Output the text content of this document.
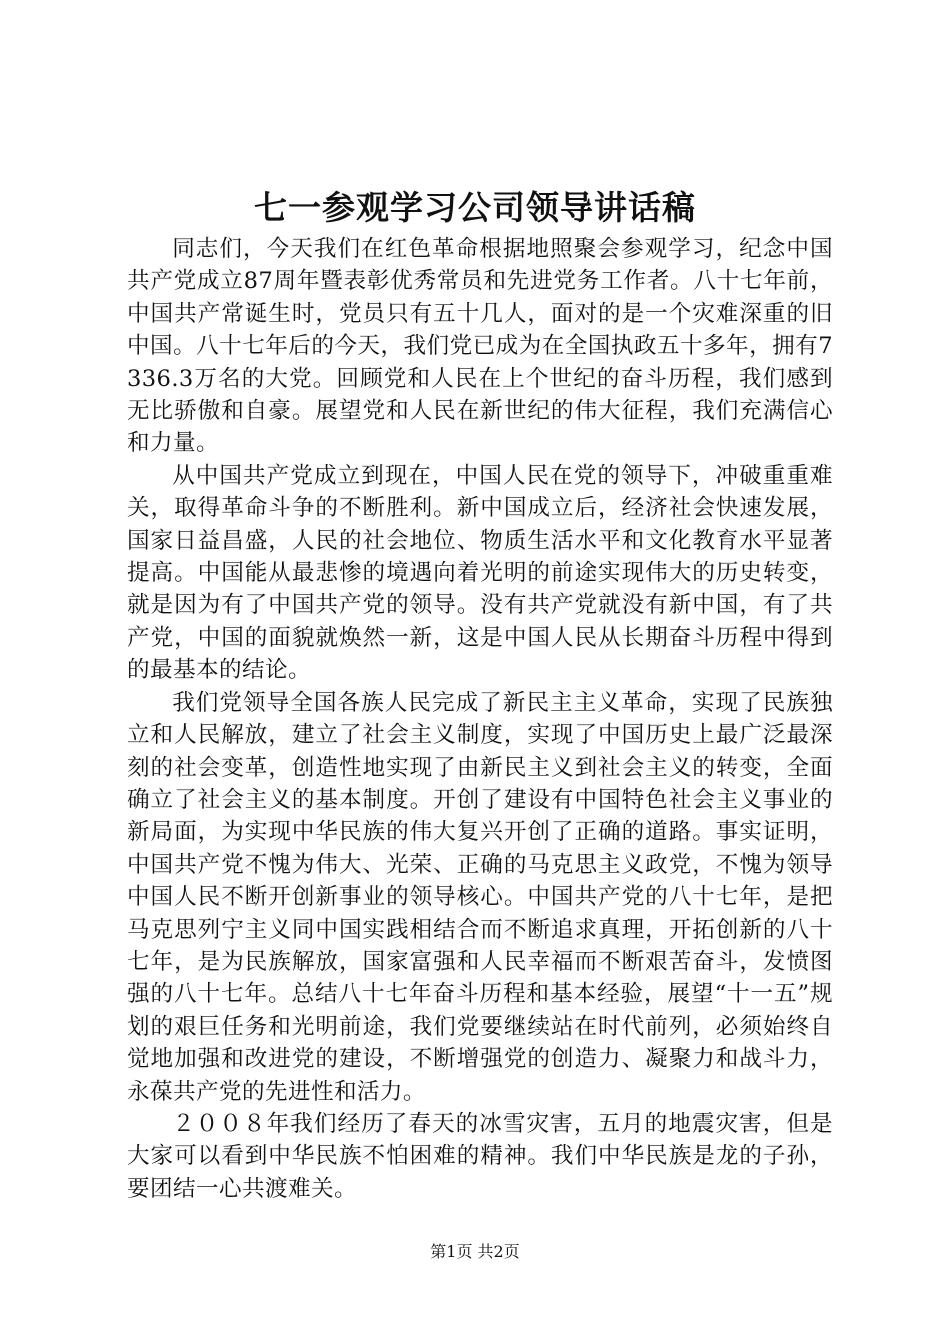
七一参观学习公司领导讲话稿

同志们，今天我们在红色革命根据地照聚会参观学习，纪念中国共产党成立87周年暨表彰优秀常员和先进党务工作者。八十七年前，中国共产常诞生时，党员只有五十几人，面对的是一个灾难深重的旧中国。八十七年后的今天，我们党已成为在全国执政五十多年，拥有7336.3万名的大党。回顾党和人民在上个世纪的奋斗历程，我们感到无比骄傲和自豪。展望党和人民在新世纪的伟大征程，我们充满信心和力量。

从中国共产党成立到现在，中国人民在党的领导下，冲破重重难关，取得革命斗争的不断胜利。新中国成立后，经济社会快速发展，国家日益昌盛，人民的社会地位、物质生活水平和文化教育水平显著提高。中国能从最悲惨的境遇向着光明的前途实现伟大的历史转变，就是因为有了中国共产党的领导。没有共产党就没有新中国，有了共产党，中国的面貌就焕然一新，这是中国人民从长期奋斗历程中得到的最基本的结论。

我们党领导全国各族人民完成了新民主主义革命，实现了民族独立和人民解放，建立了社会主义制度，实现了中国历史上最广泛最深刻的社会变革，创造性地实现了由新民主义到社会主义的转变，全面确立了社会主义的基本制度。开创了建设有中国特色社会主义事业的新局面，为实现中华民族的伟大复兴开创了正确的道路。事实证明，中国共产党不愧为伟大、光荣、正确的马克思主义政党，不愧为领导中国人民不断开创新事业的领导核心。中国共产党的八十七年，是把马克思列宁主义同中国实践相结合而不断追求真理，开拓创新的八十七年，是为民族解放，国家富强和人民幸福而不断艰苦奋斗，发愤图强的八十七年。总结八十七年奋斗历程和基本经验，展望“十一五”规划的艰巨任务和光明前途，我们党要继续站在时代前列，必须始终自觉地加强和改进党的建设，不断增强党的创造力、凝聚力和战斗力，永葆共产党的先进性和活力。

２００８年我们经历了春天的冰雪灾害，五月的地震灾害，但是大家可以看到中华民族不怕困难的精神。我们中华民族是龙的子孙，要团结一心共渡难关。

第1页 共2页
